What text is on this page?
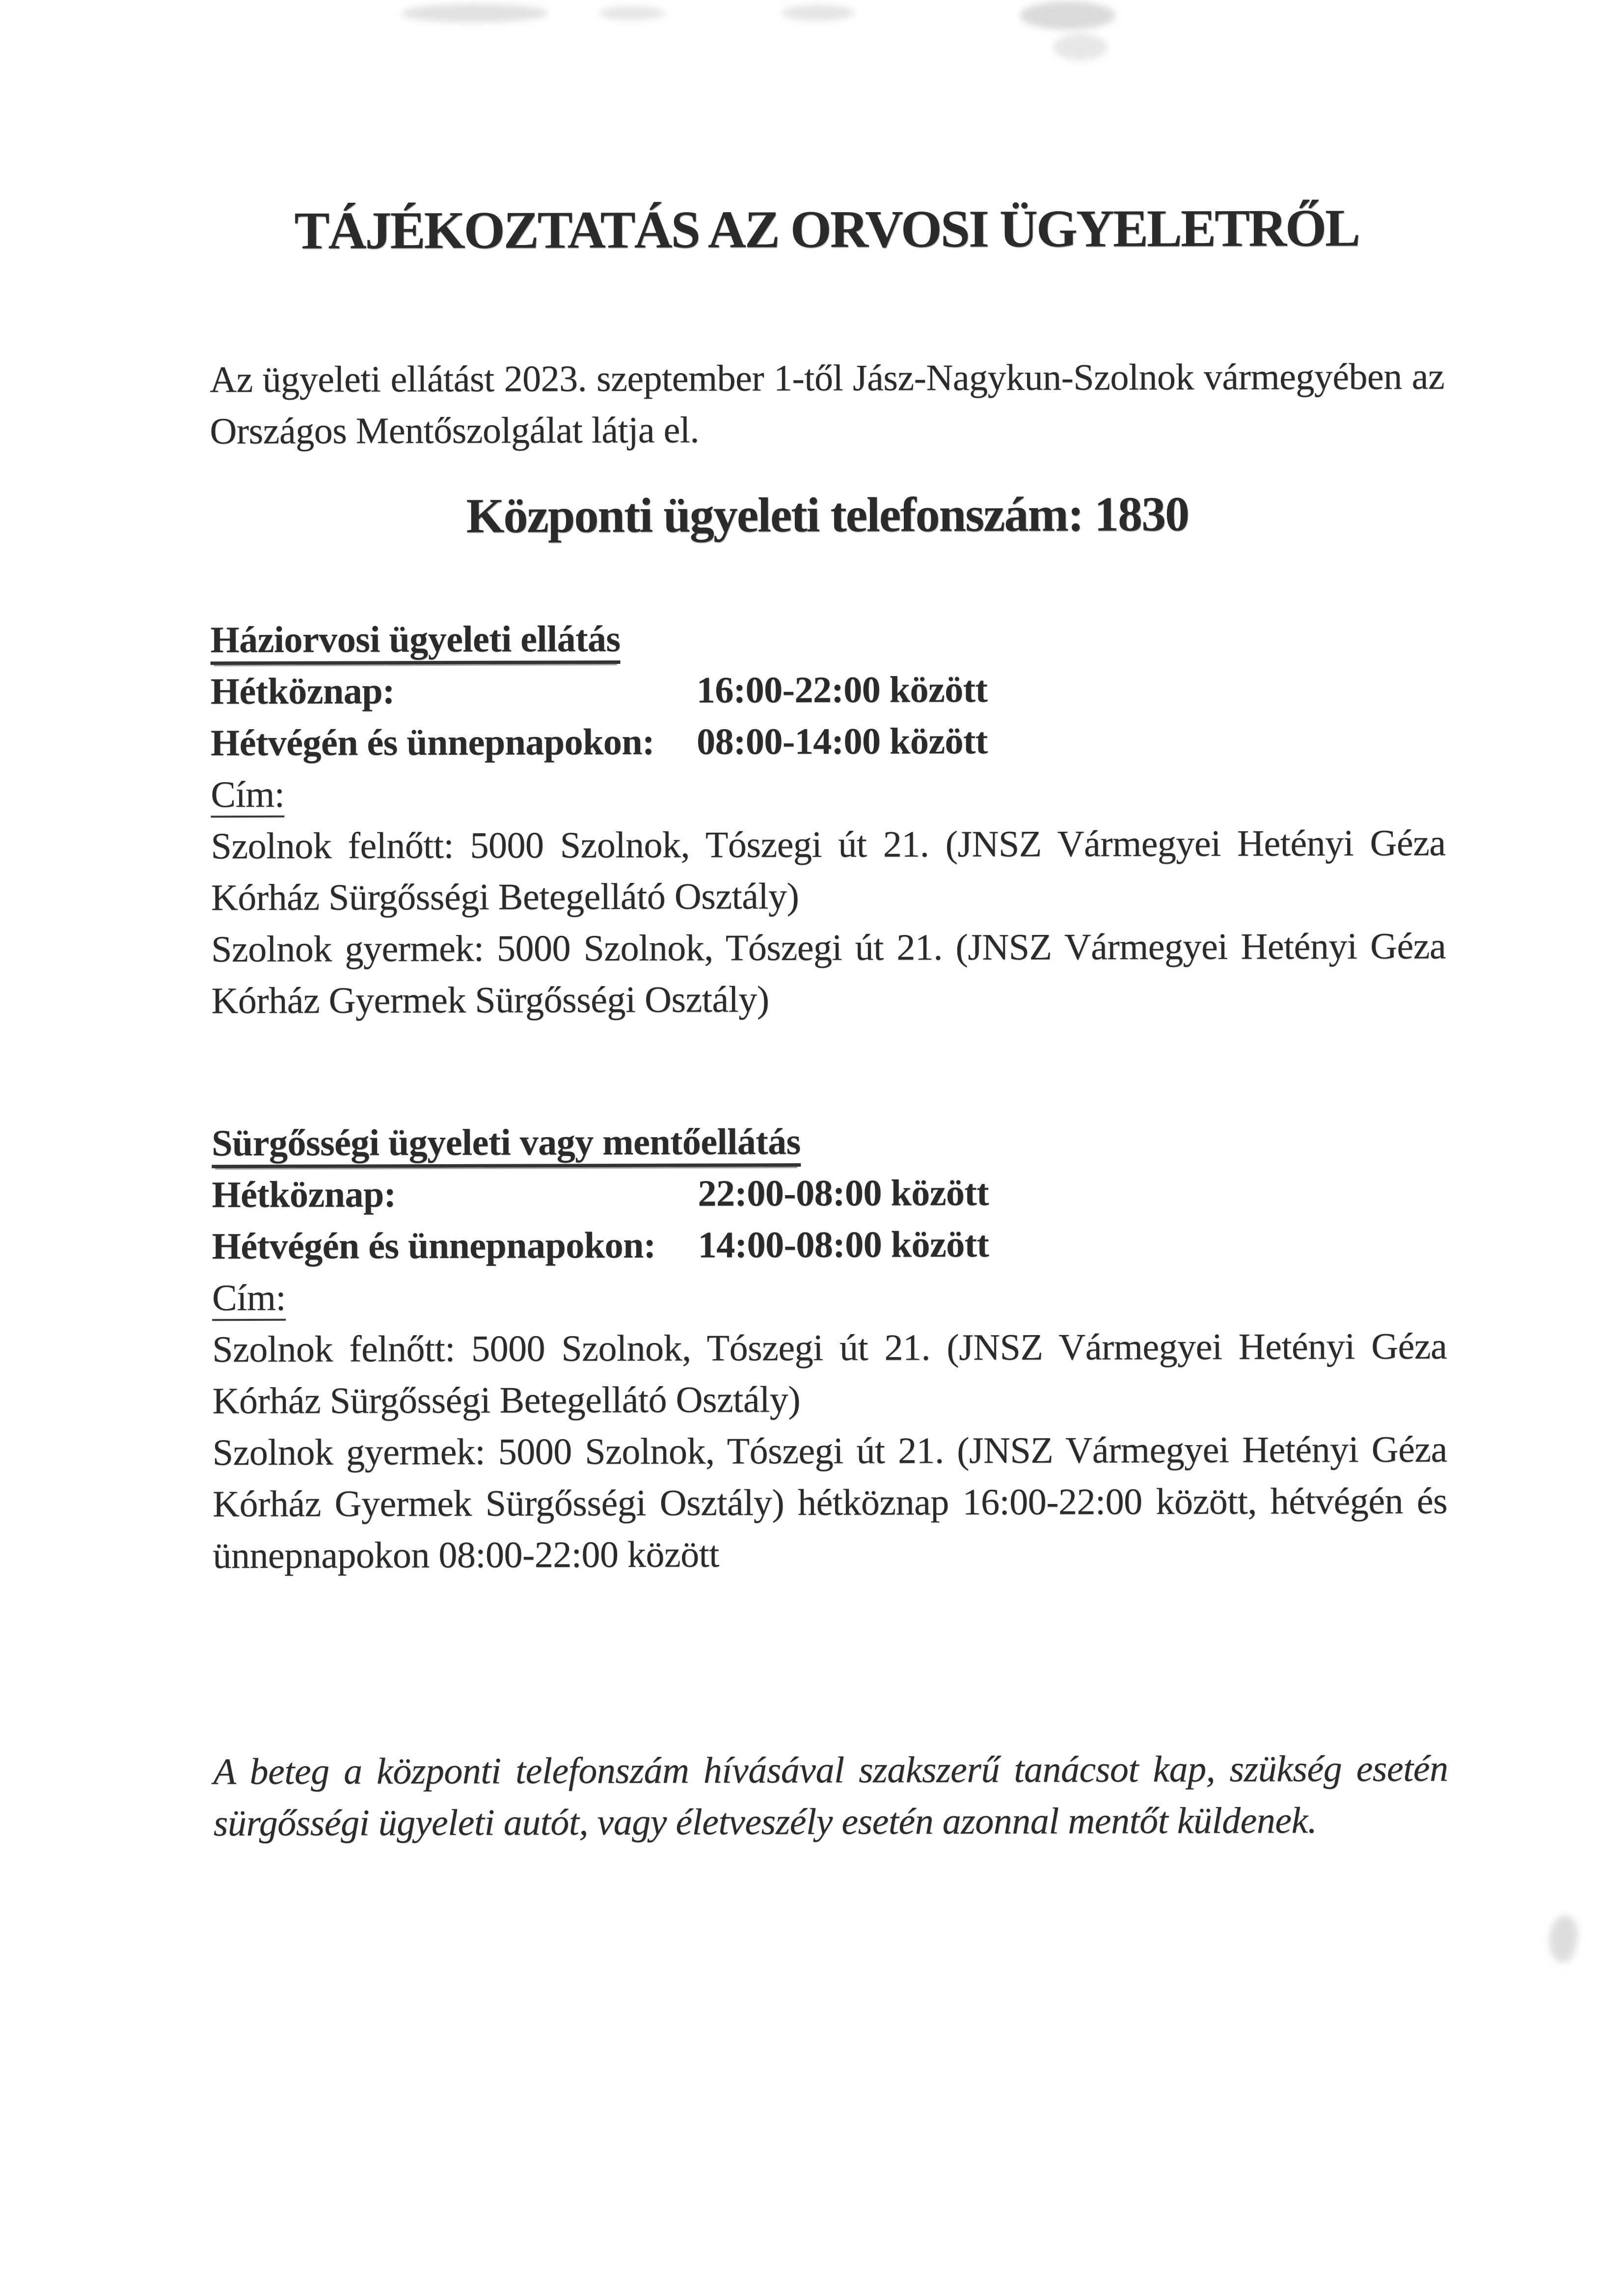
TÁJÉKOZTATÁS AZ ORVOSI ÜGYELETRŐL

Az ügyeleti ellátást 2023. szeptember 1-től Jász-Nagykun-Szolnok vármegyében az Országos Mentőszolgálat látja el.

Központi ügyeleti telefonszám: 1830
Háziorvosi ügyeleti ellátás
Hétköznap:	16:00-22:00 között
Hétvégén és ünnepnapokon:	08:00-14:00 között
Cím:

Szolnok felnőtt: 5000 Szolnok, Tószegi út 21. (JNSZ Vármegyei Hetényi Géza Kórház Sürgősségi Betegellátó Osztály)

Szolnok gyermek: 5000 Szolnok, Tószegi út 21. (JNSZ Vármegyei Hetényi Géza Kórház Gyermek Sürgősségi Osztály)

Sürgősségi ügyeleti vagy mentőellátás
Hétköznap:	22:00-08:00 között
Hétvégén és ünnepnapokon:	14:00-08:00 között
Cím:

Szolnok felnőtt: 5000 Szolnok, Tószegi út 21. (JNSZ Vármegyei Hetényi Géza Kórház Sürgősségi Betegellátó Osztály)

Szolnok gyermek: 5000 Szolnok, Tószegi út 21. (JNSZ Vármegyei Hetényi Géza Kórház Gyermek Sürgősségi Osztály) hétköznap 16:00-22:00 között, hétvégén és ünnepnapokon 08:00-22:00 között

A beteg a központi telefonszám hívásával szakszerű tanácsot kap, szükség esetén sürgősségi ügyeleti autót, vagy életveszély esetén azonnal mentőt küldenek.
